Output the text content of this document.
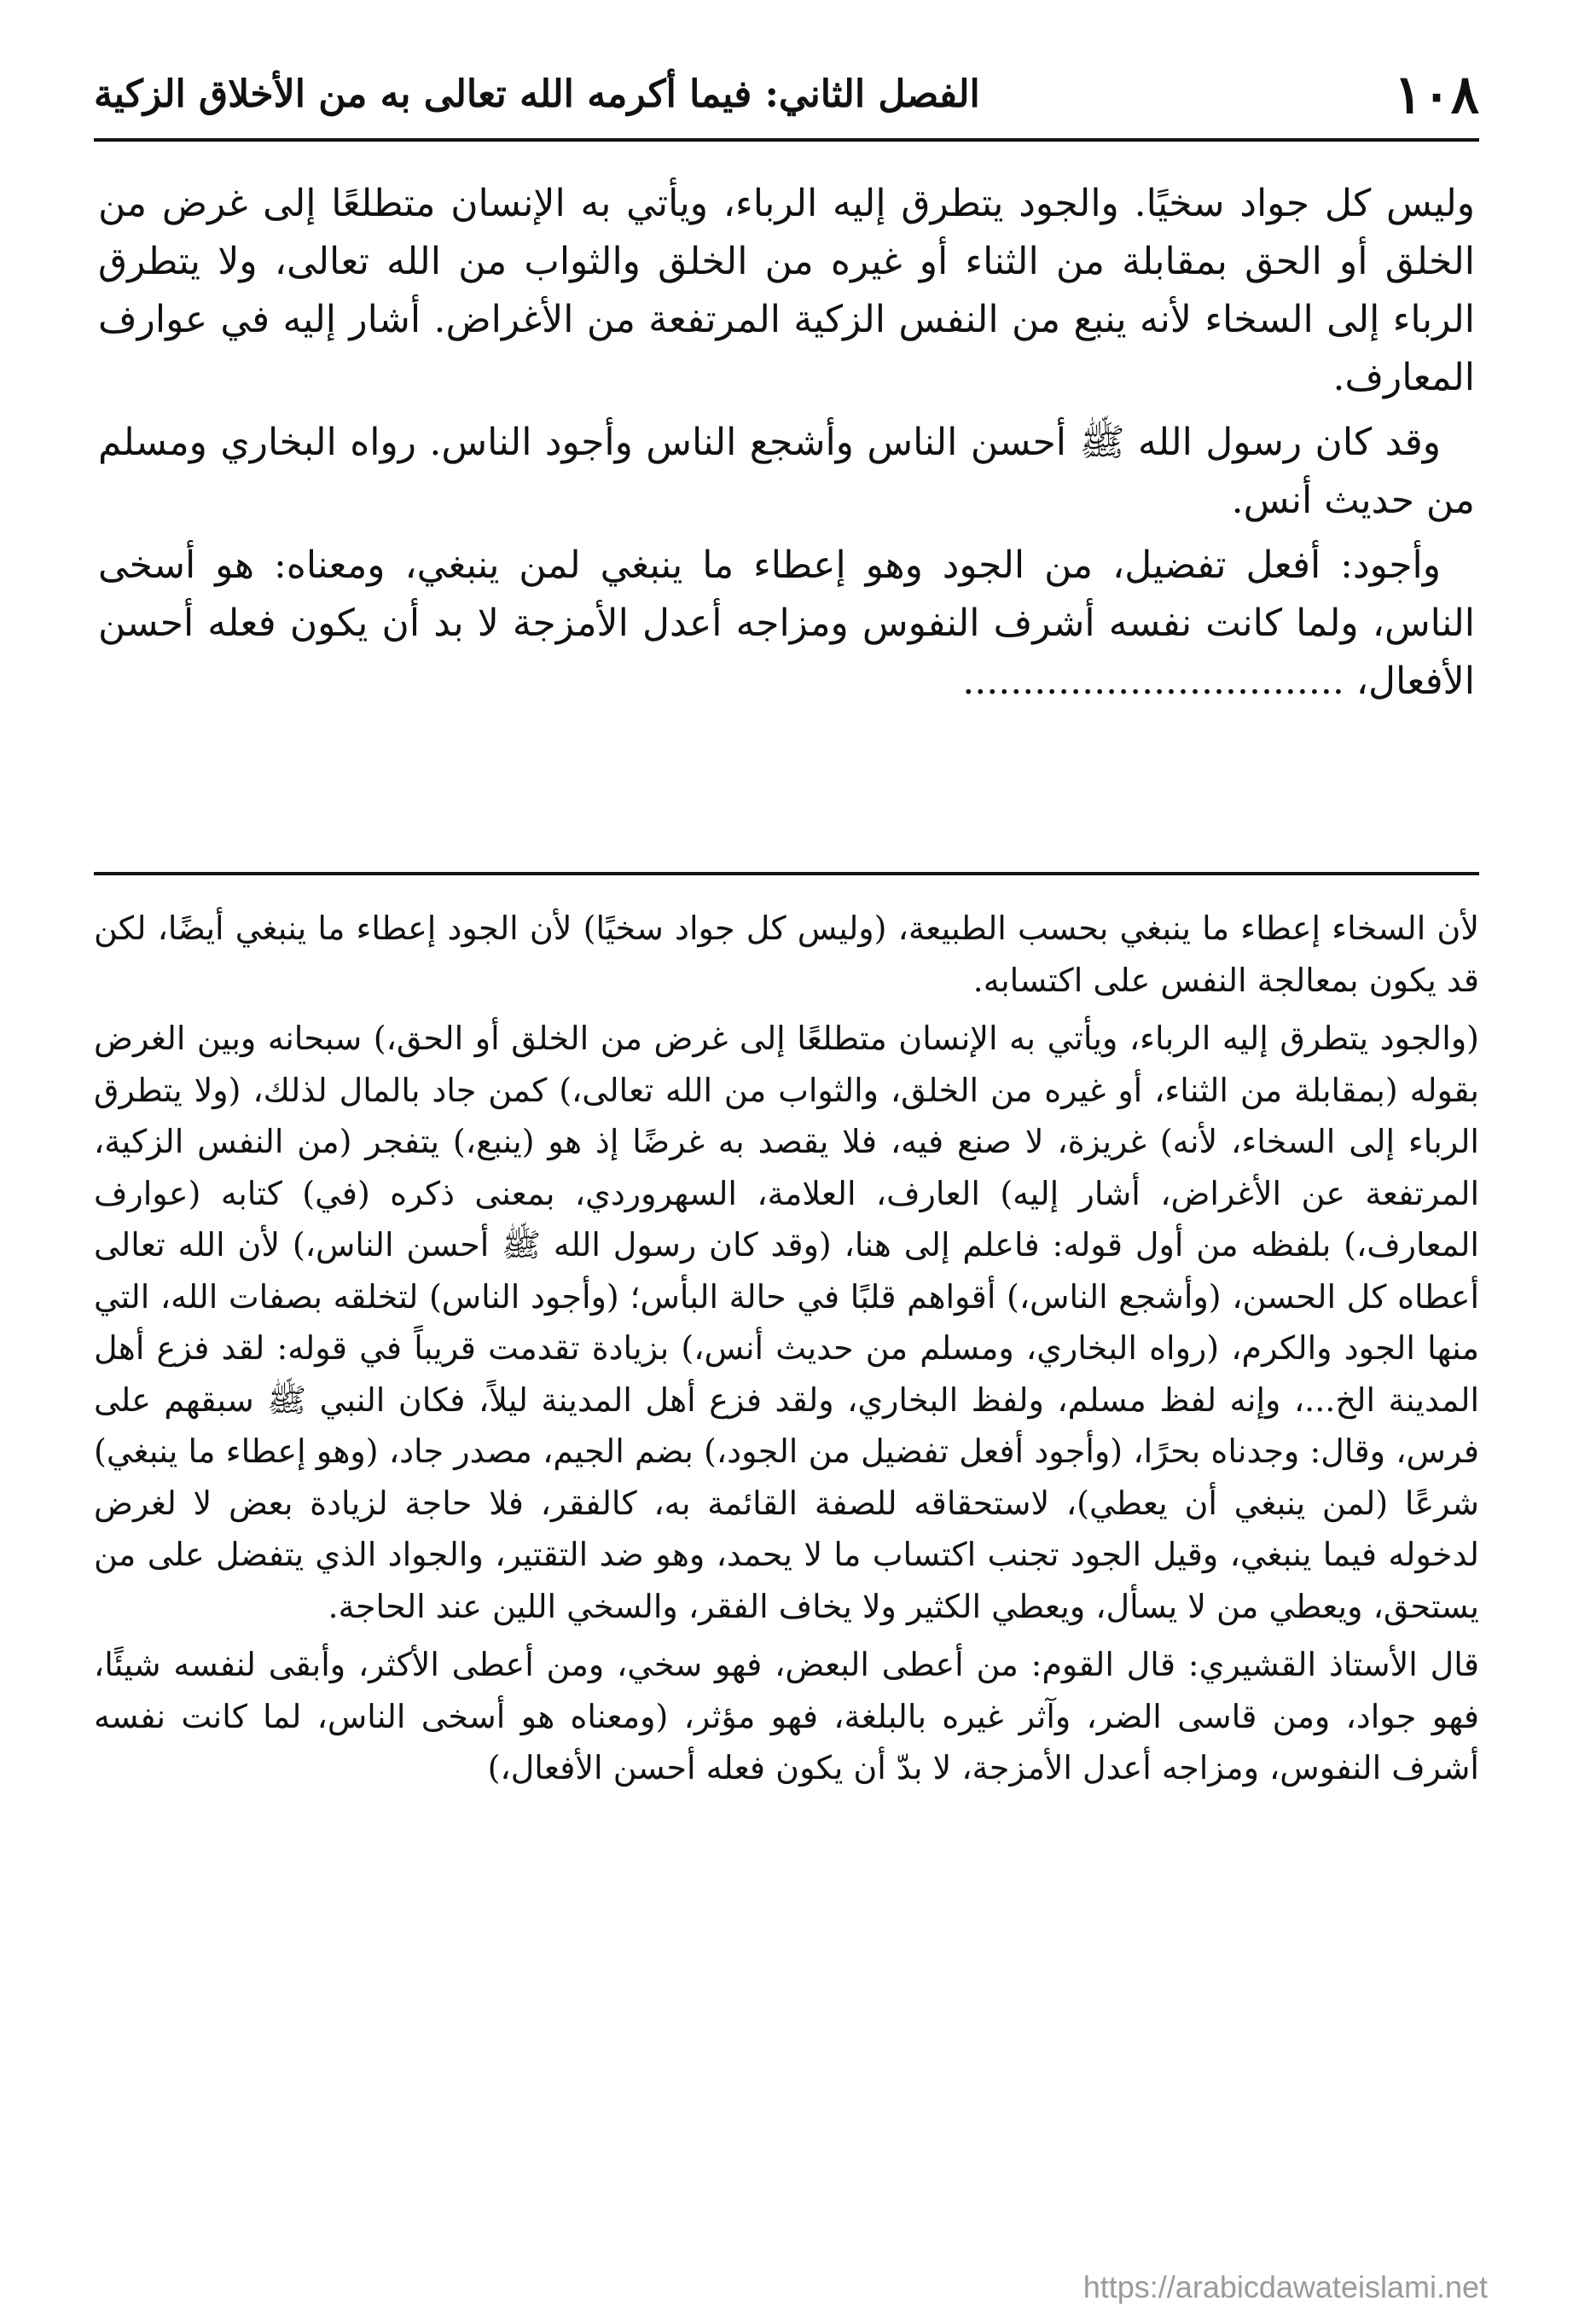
١٠٨
الفصل الثاني: فيما أكرمه الله تعالى به من الأخلاق الزكية

وليس كل جواد سخيًا. والجود يتطرق إليه الرباء، ويأتي به الإنسان متطلعًا إلى غرض من الخلق أو الحق بمقابلة من الثناء أو غيره من الخلق والثواب من الله تعالى، ولا يتطرق الرباء إلى السخاء لأنه ينبع من النفس الزكية المرتفعة من الأغراض. أشار إليه في عوارف المعارف.

وقد كان رسول الله ﷺ أحسن الناس وأشجع الناس وأجود الناس. رواه البخاري ومسلم من حديث أنس.

وأجود: أفعل تفضيل، من الجود وهو إعطاء ما ينبغي لمن ينبغي، ومعناه: هو أسخى الناس، ولما كانت نفسه أشرف النفوس ومزاجه أعدل الأمزجة لا بد أن يكون فعله أحسن الأفعال، ................................

لأن السخاء إعطاء ما ينبغي بحسب الطبيعة، (وليس كل جواد سخيًا) لأن الجود إعطاء ما ينبغي أيضًا، لكن قد يكون بمعالجة النفس على اكتسابه.

(والجود يتطرق إليه الرباء، ويأتي به الإنسان متطلعًا إلى غرض من الخلق أو الحق،) سبحانه وبين الغرض بقوله (بمقابلة من الثناء، أو غيره من الخلق، والثواب من الله تعالى،) كمن جاد بالمال لذلك، (ولا يتطرق الرباء إلى السخاء، لأنه) غريزة، لا صنع فيه، فلا يقصد به غرضًا إذ هو (ينبع،) يتفجر (من النفس الزكية، المرتفعة عن الأغراض، أشار إليه) العارف، العلامة، السهروردي، بمعنى ذكره (في) كتابه (عوارف المعارف،) بلفظه من أول قوله: فاعلم إلى هنا، (وقد كان رسول الله ﷺ أحسن الناس،) لأن الله تعالى أعطاه كل الحسن، (وأشجع الناس،) أقواهم قلبًا في حالة البأس؛ (وأجود الناس) لتخلقه بصفات الله، التي منها الجود والكرم، (رواه البخاري، ومسلم من حديث أنس،) بزيادة تقدمت قريباً في قوله: لقد فزع أهل المدينة الخ...، وإنه لفظ مسلم، ولفظ البخاري، ولقد فزع أهل المدينة ليلاً، فكان النبي ﷺ سبقهم على فرس، وقال: وجدناه بحرًا، (وأجود أفعل تفضيل من الجود،) بضم الجيم، مصدر جاد، (وهو إعطاء ما ينبغي) شرعًا (لمن ينبغي أن يعطي)، لاستحقاقه للصفة القائمة به، كالفقر، فلا حاجة لزيادة بعض لا لغرض لدخوله فيما ينبغي، وقيل الجود تجنب اكتساب ما لا يحمد، وهو ضد التقتير، والجواد الذي يتفضل على من يستحق، ويعطي من لا يسأل، ويعطي الكثير ولا يخاف الفقر، والسخي اللين عند الحاجة.

قال الأستاذ القشيري: قال القوم: من أعطى البعض، فهو سخي، ومن أعطى الأكثر، وأبقى لنفسه شيئًا، فهو جواد، ومن قاسى الضر، وآثر غيره بالبلغة، فهو مؤثر، (ومعناه هو أسخى الناس، لما كانت نفسه أشرف النفوس، ومزاجه أعدل الأمزجة، لا بدّ أن يكون فعله أحسن الأفعال،)

https://arabicdawateislami.net
